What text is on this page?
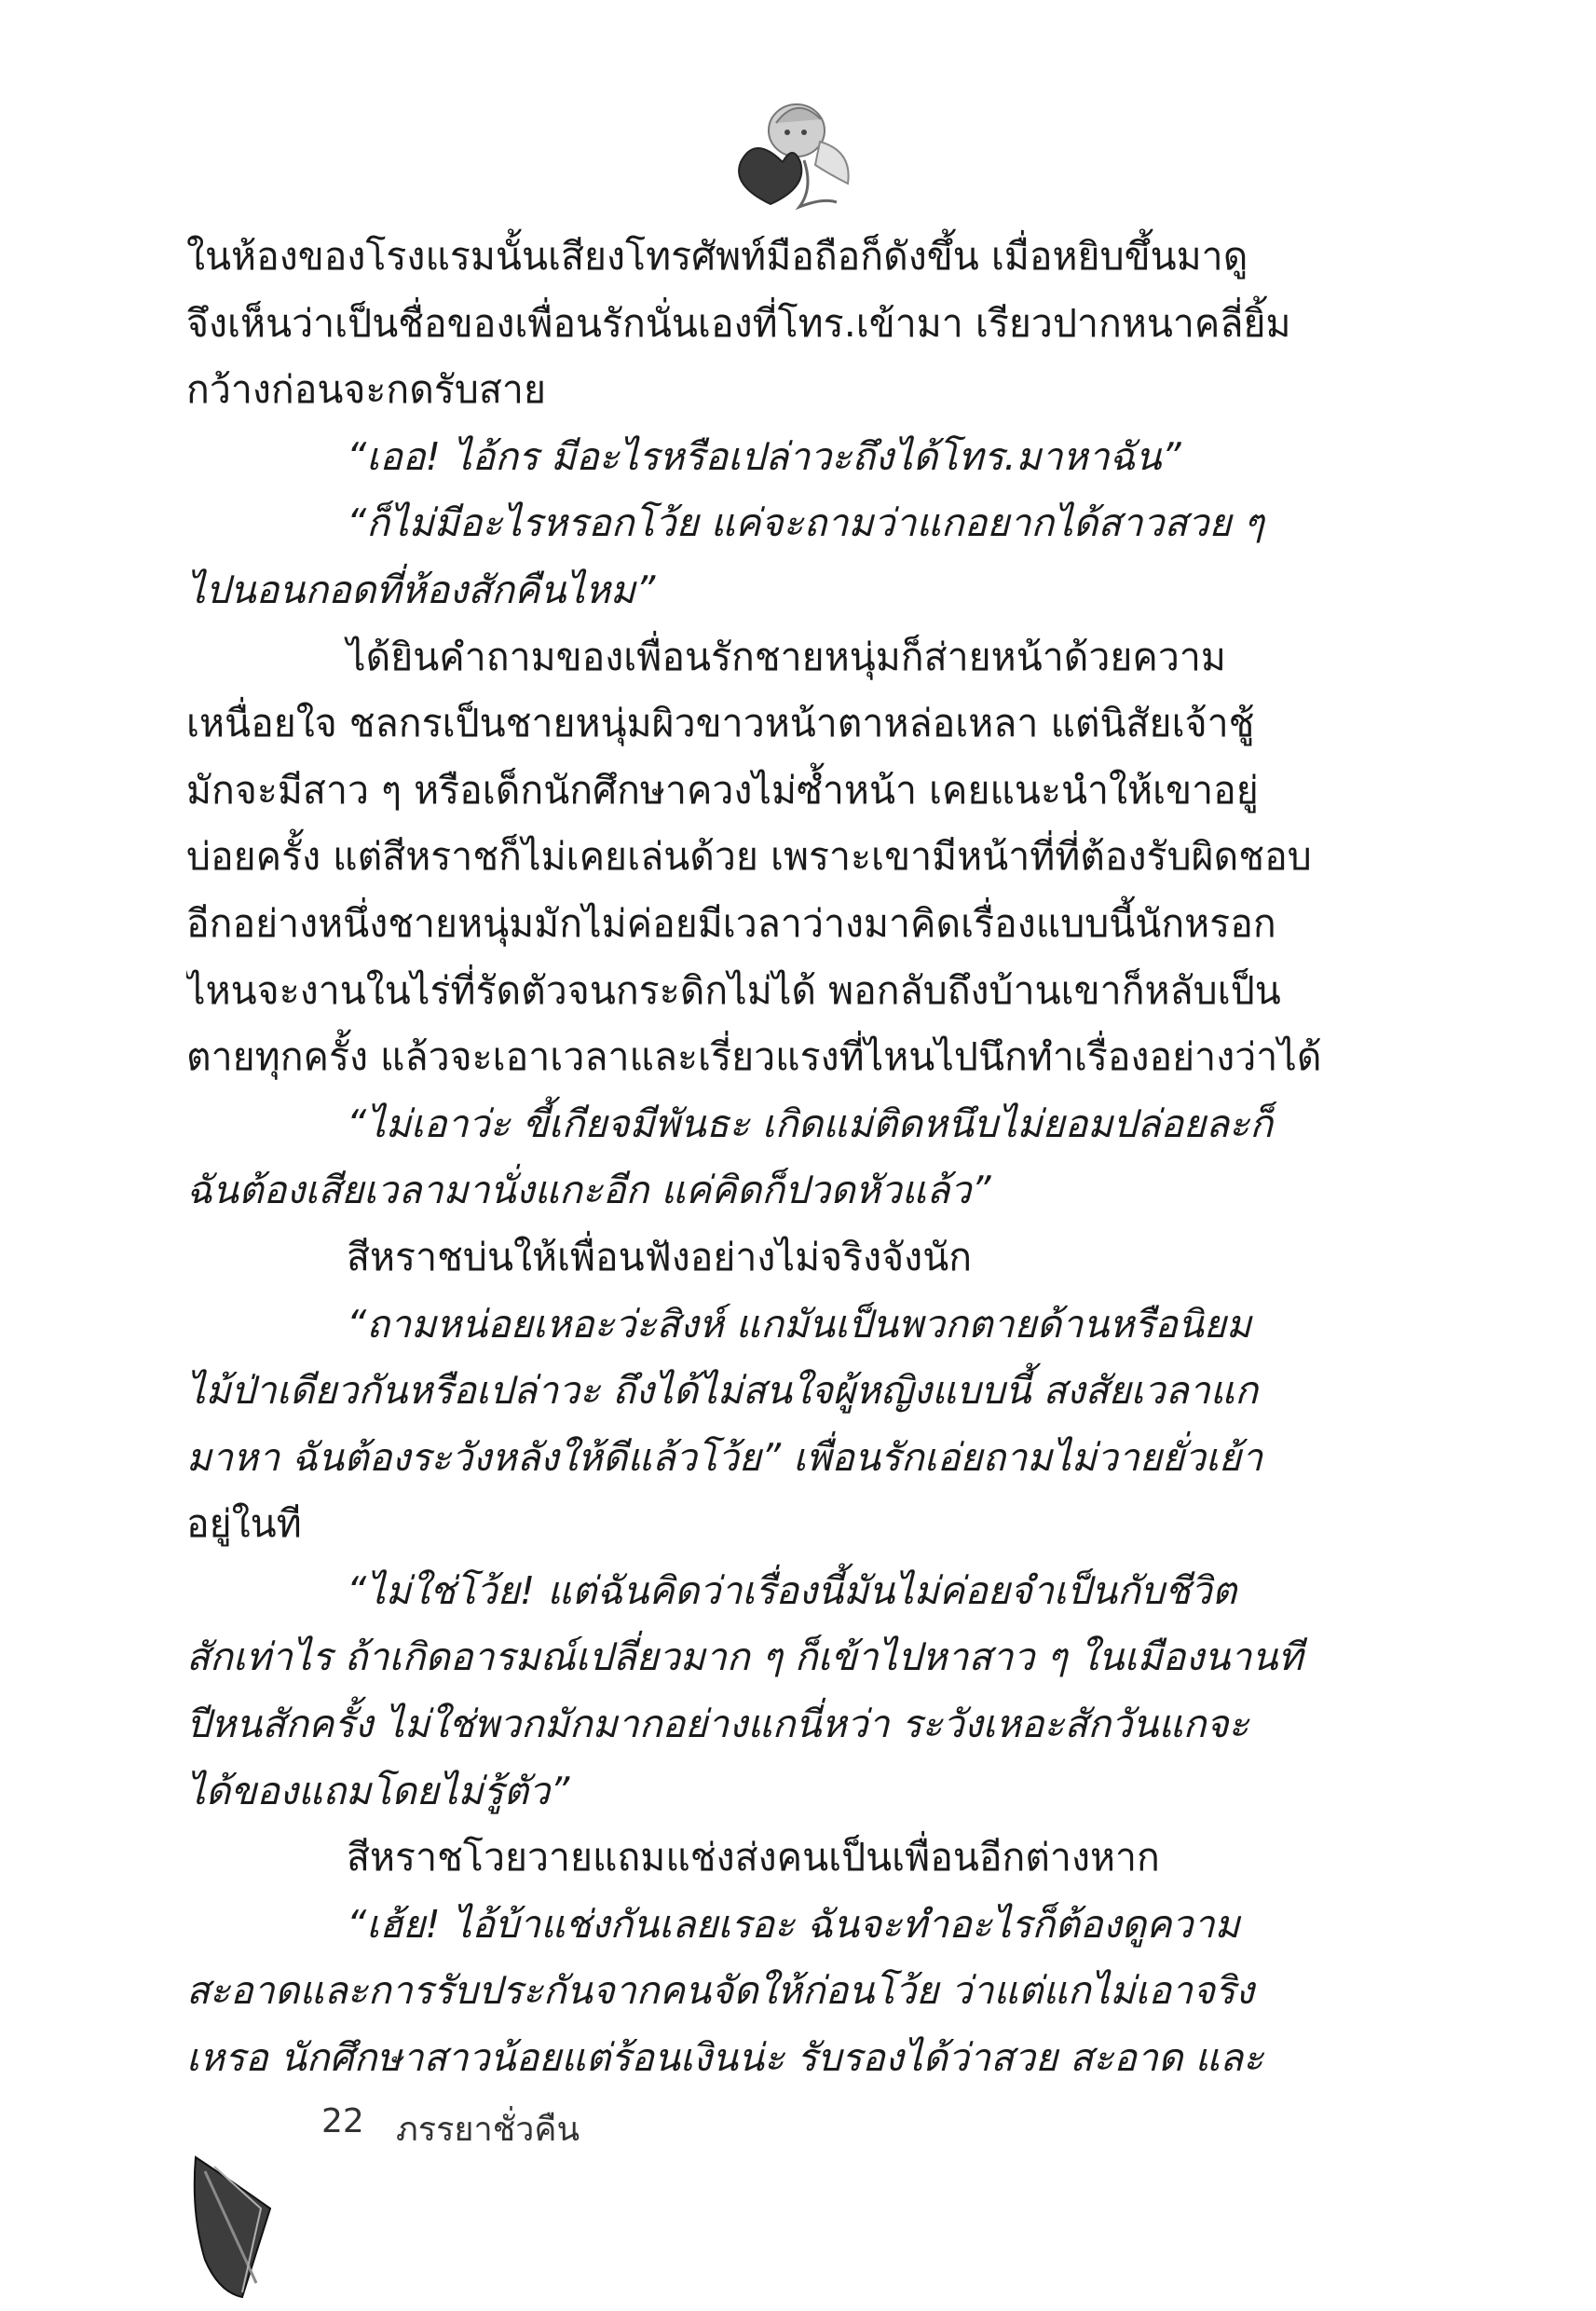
ในห้องของโรงแรมนั้นเสียงโทรศัพท์มือถือก็ดังขึ้น เมื่อหยิบขึ้นมาดู
จึงเห็นว่าเป็นชื่อของเพื่อนรักนั่นเองที่โทร.เข้ามา เรียวปากหนาคลี่ยิ้ม
กว้างก่อนจะกดรับสาย
“เออ! ไอ้กร มีอะไรหรือเปล่าวะถึงได้โทร.มาหาฉัน”
“ก็ไม่มีอะไรหรอกโว้ย แค่จะถามว่าแกอยากได้สาวสวย ๆ
ไปนอนกอดที่ห้องสักคืนไหม”
ได้ยินคำถามของเพื่อนรักชายหนุ่มก็ส่ายหน้าด้วยความ
เหนื่อยใจ ชลกรเป็นชายหนุ่มผิวขาวหน้าตาหล่อเหลา แต่นิสัยเจ้าชู้
มักจะมีสาว ๆ หรือเด็กนักศึกษาควงไม่ซ้ำหน้า เคยแนะนำให้เขาอยู่
บ่อยครั้ง แต่สีหราชก็ไม่เคยเล่นด้วย เพราะเขามีหน้าที่ที่ต้องรับผิดชอบ
อีกอย่างหนึ่งชายหนุ่มมักไม่ค่อยมีเวลาว่างมาคิดเรื่องแบบนี้นักหรอก
ไหนจะงานในไร่ที่รัดตัวจนกระดิกไม่ได้ พอกลับถึงบ้านเขาก็หลับเป็น
ตายทุกครั้ง แล้วจะเอาเวลาและเรี่ยวแรงที่ไหนไปนึกทำเรื่องอย่างว่าได้
“ไม่เอาว่ะ ขี้เกียจมีพันธะ เกิดแม่ติดหนึบไม่ยอมปล่อยละก็
ฉันต้องเสียเวลามานั่งแกะอีก แค่คิดก็ปวดหัวแล้ว”
สีหราชบ่นให้เพื่อนฟังอย่างไม่จริงจังนัก
“ถามหน่อยเหอะว่ะสิงห์ แกมันเป็นพวกตายด้านหรือนิยม
ไม้ป่าเดียวกันหรือเปล่าวะ ถึงได้ไม่สนใจผู้หญิงแบบนี้ สงสัยเวลาแก
มาหา ฉันต้องระวังหลังให้ดีแล้วโว้ย” เพื่อนรักเอ่ยถามไม่วายยั่วเย้า
อยู่ในที
“ไม่ใช่โว้ย! แต่ฉันคิดว่าเรื่องนี้มันไม่ค่อยจำเป็นกับชีวิต
สักเท่าไร ถ้าเกิดอารมณ์เปลี่ยวมาก ๆ ก็เข้าไปหาสาว ๆ ในเมืองนานที
ปีหนสักครั้ง ไม่ใช่พวกมักมากอย่างแกนี่หว่า ระวังเหอะสักวันแกจะ
ได้ของแถมโดยไม่รู้ตัว”
สีหราชโวยวายแถมแช่งส่งคนเป็นเพื่อนอีกต่างหาก
“เฮ้ย! ไอ้บ้าแช่งกันเลยเรอะ ฉันจะทำอะไรก็ต้องดูความ
สะอาดและการรับประกันจากคนจัดให้ก่อนโว้ย ว่าแต่แกไม่เอาจริง
เหรอ นักศึกษาสาวน้อยแต่ร้อนเงินน่ะ รับรองได้ว่าสวย สะอาด และ
22 ภรรยาชั่วคืน
